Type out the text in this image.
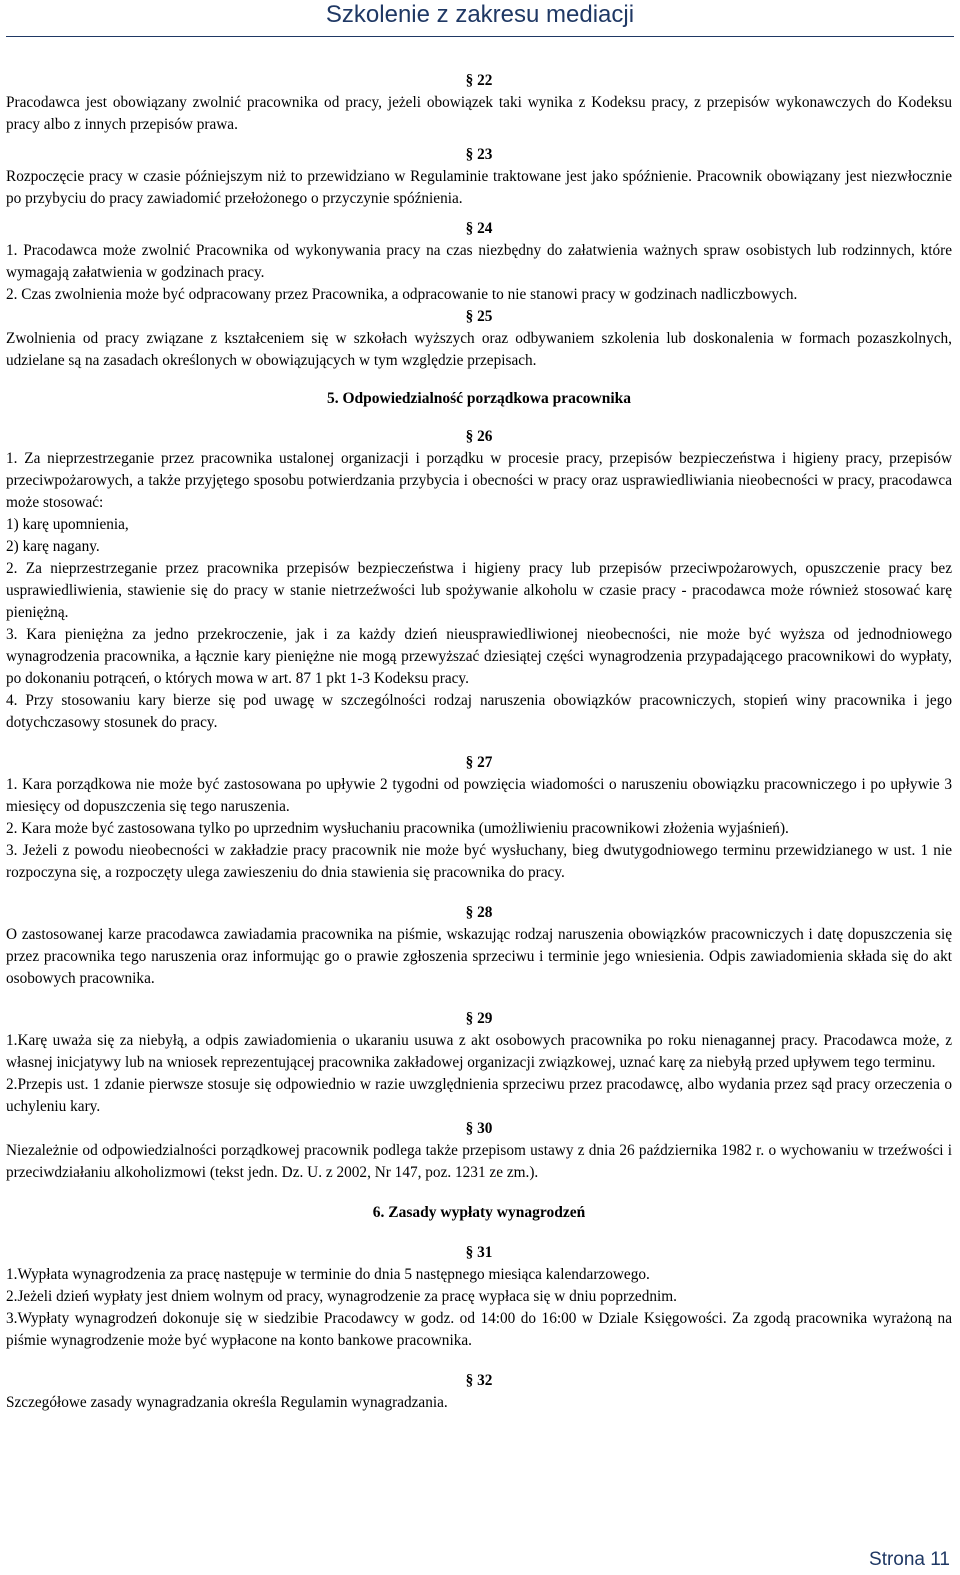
Szkolenie z zakresu mediacji

§ 22

Pracodawca jest obowiązany zwolnić pracownika od pracy, jeżeli obowiązek taki wynika z Kodeksu pracy, z przepisów wykonawczych do Kodeksu pracy albo z innych przepisów prawa.

§ 23

Rozpoczęcie pracy w czasie późniejszym niż to przewidziano w Regulaminie traktowane jest jako spóźnienie. Pracownik obowiązany jest niezwłocznie po przybyciu do pracy zawiadomić przełożonego o przyczynie spóźnienia.

§ 24

1. Pracodawca może zwolnić Pracownika od wykonywania pracy na czas niezbędny do załatwienia ważnych spraw osobistych lub rodzinnych, które wymagają załatwienia w godzinach pracy.

2. Czas zwolnienia może być odpracowany przez Pracownika, a odpracowanie to nie stanowi pracy w godzinach nadliczbowych.

§ 25

Zwolnienia od pracy związane z kształceniem się w szkołach wyższych oraz odbywaniem szkolenia lub doskonalenia w formach pozaszkolnych, udzielane są na zasadach określonych w obowiązujących w tym względzie przepisach.

5. Odpowiedzialność porządkowa pracownika

§ 26

1. Za nieprzestrzeganie przez pracownika ustalonej organizacji i porządku w procesie pracy, przepisów bezpieczeństwa i higieny pracy, przepisów przeciwpożarowych, a także przyjętego sposobu potwierdzania przybycia i obecności w pracy oraz usprawiedliwiania nieobecności w pracy, pracodawca może stosować:

1) karę upomnienia,

2) karę nagany.

2. Za nieprzestrzeganie przez pracownika przepisów bezpieczeństwa i higieny pracy lub przepisów przeciwpożarowych, opuszczenie pracy bez usprawiedliwienia, stawienie się do pracy w stanie nietrzeźwości lub spożywanie alkoholu w czasie pracy - pracodawca może również stosować karę pieniężną.

3. Kara pieniężna za jedno przekroczenie, jak i za każdy dzień nieusprawiedliwionej nieobecności, nie może być wyższa od jednodniowego wynagrodzenia pracownika, a łącznie kary pieniężne nie mogą przewyższać dziesiątej części wynagrodzenia przypadającego pracownikowi do wypłaty, po dokonaniu potrąceń, o których mowa w art. 87 1 pkt 1-3 Kodeksu pracy.

4. Przy stosowaniu kary bierze się pod uwagę w szczególności rodzaj naruszenia obowiązków pracowniczych, stopień winy pracownika i jego dotychczasowy stosunek do pracy.

§ 27

1. Kara porządkowa nie może być zastosowana po upływie 2 tygodni od powzięcia wiadomości o naruszeniu obowiązku pracowniczego i po upływie 3 miesięcy od dopuszczenia się tego naruszenia.

2. Kara może być zastosowana tylko po uprzednim wysłuchaniu pracownika (umożliwieniu pracownikowi złożenia wyjaśnień).

3. Jeżeli z powodu nieobecności w zakładzie pracy pracownik nie może być wysłuchany, bieg dwutygodniowego terminu przewidzianego w ust. 1 nie rozpoczyna się, a rozpoczęty ulega zawieszeniu do dnia stawienia się pracownika do pracy.

§ 28

O zastosowanej karze pracodawca zawiadamia pracownika na piśmie, wskazując rodzaj naruszenia obowiązków pracowniczych i datę dopuszczenia się przez pracownika tego naruszenia oraz informując go o prawie zgłoszenia sprzeciwu i terminie jego wniesienia. Odpis zawiadomienia składa się do akt osobowych pracownika.

§ 29

1.Karę uważa się za niebyłą, a odpis zawiadomienia o ukaraniu usuwa z akt osobowych pracownika po roku nienagannej pracy. Pracodawca może, z własnej inicjatywy lub na wniosek reprezentującej pracownika zakładowej organizacji związkowej, uznać karę za niebyłą przed upływem tego terminu.

2.Przepis ust. 1 zdanie pierwsze stosuje się odpowiednio w razie uwzględnienia sprzeciwu przez pracodawcę, albo wydania przez sąd pracy orzeczenia o uchyleniu kary.

§ 30

Niezależnie od odpowiedzialności porządkowej pracownik podlega także przepisom ustawy z dnia 26 października 1982 r. o wychowaniu w trzeźwości i przeciwdziałaniu alkoholizmowi (tekst jedn. Dz. U. z 2002, Nr 147, poz. 1231 ze zm.).

6. Zasady wypłaty wynagrodzeń

§ 31

1.Wypłata wynagrodzenia za pracę następuje w terminie do dnia 5 następnego miesiąca kalendarzowego.

2.Jeżeli dzień wypłaty jest dniem wolnym od pracy, wynagrodzenie za pracę wypłaca się w dniu poprzednim.

3.Wypłaty wynagrodzeń dokonuje się w siedzibie Pracodawcy w godz. od 14:00 do 16:00 w Dziale Księgowości. Za zgodą pracownika wyrażoną na piśmie wynagrodzenie może być wypłacone na konto bankowe pracownika.

§ 32

Szczegółowe zasady wynagradzania określa Regulamin wynagradzania.

Strona 11
